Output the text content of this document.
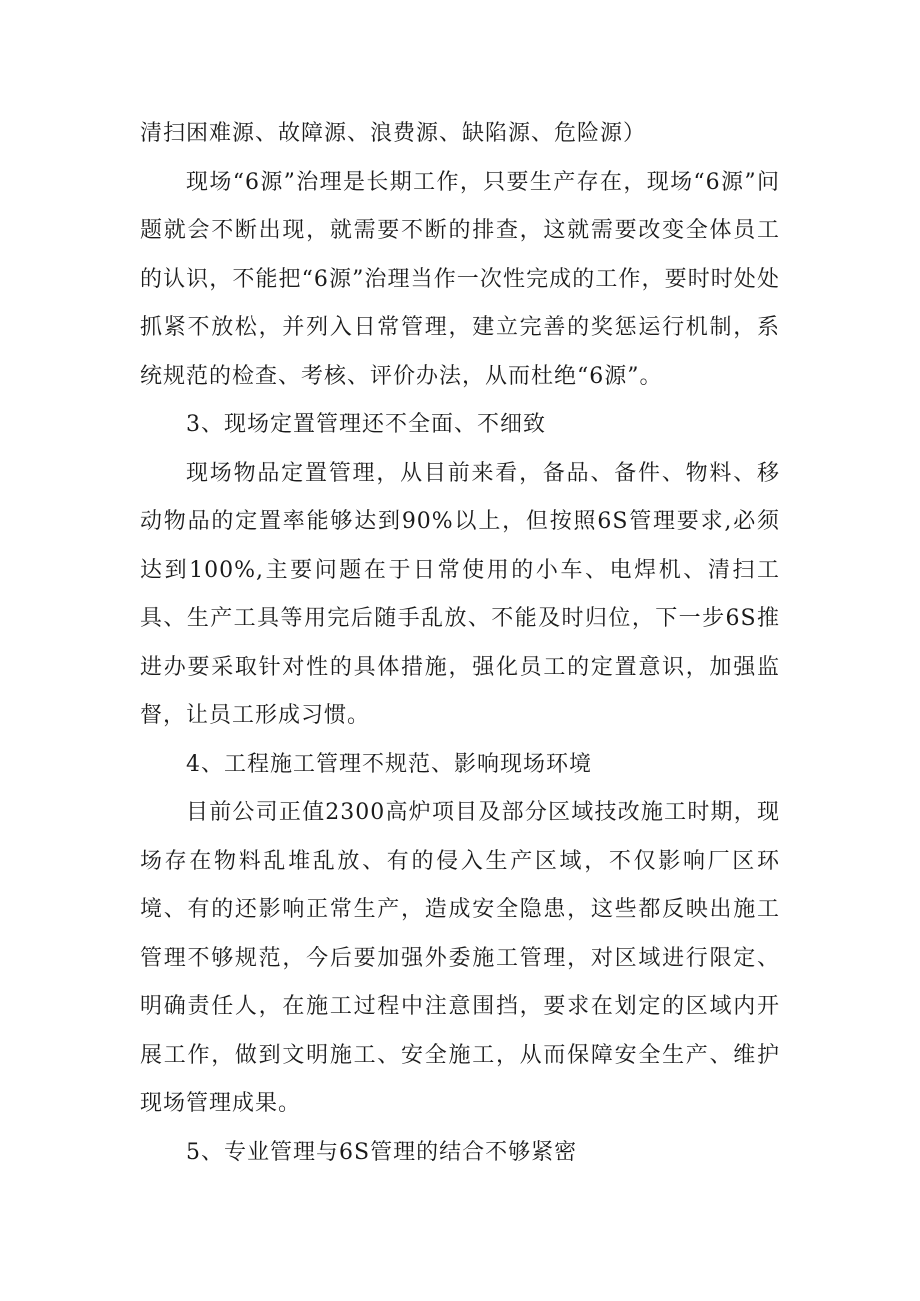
清扫困难源、故障源、浪费源、缺陷源、危险源）

现场“6源”治理是长期工作，只要生产存在，现场“6源”问题就会不断出现，就需要不断的排查，这就需要改变全体员工的认识，不能把“6源”治理当作一次性完成的工作，要时时处处抓紧不放松，并列入日常管理，建立完善的奖惩运行机制，系统规范的检查、考核、评价办法，从而杜绝“6源”。

3、现场定置管理还不全面、不细致

现场物品定置管理，从目前来看，备品、备件、物料、移动物品的定置率能够达到90%以上，但按照6S管理要求,必须达到100%,主要问题在于日常使用的小车、电焊机、清扫工具、生产工具等用完后随手乱放、不能及时归位，下一步6S推进办要采取针对性的具体措施，强化员工的定置意识，加强监督，让员工形成习惯。

4、工程施工管理不规范、影响现场环境

目前公司正值2300高炉项目及部分区域技改施工时期，现场存在物料乱堆乱放、有的侵入生产区域，不仅影响厂区环境、有的还影响正常生产，造成安全隐患，这些都反映出施工管理不够规范，今后要加强外委施工管理，对区域进行限定、明确责任人，在施工过程中注意围挡，要求在划定的区域内开展工作，做到文明施工、安全施工，从而保障安全生产、维护现场管理成果。

5、专业管理与6S管理的结合不够紧密
